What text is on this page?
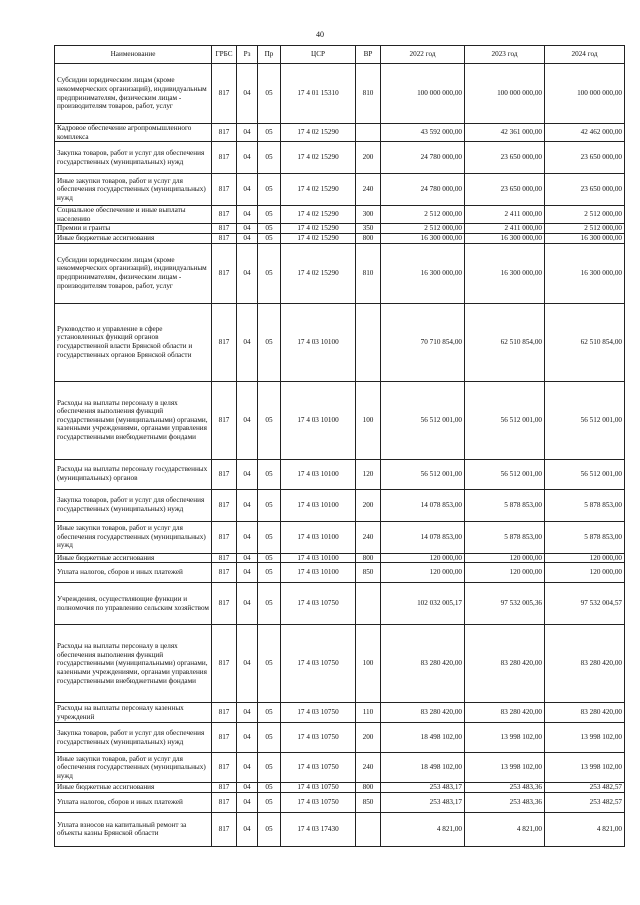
40
Наименование	ГРБС	Рз	Пр	ЦСР	ВР	2022 год	2023 год	2024 год
Субсидии юридическим лицам (кроме некоммерческих организаций), индивидуальным предпринимателям, физическим лицам - производителям товаров, работ, услуг	817	04	05	17 4 01 15310	810	100 000 000,00	100 000 000,00	100 000 000,00
Кадровое обеспечение агропромышленного комплекса	817	04	05	17 4 02 15290		43 592 000,00	42 361 000,00	42 462 000,00
Закупка товаров, работ и услуг для обеспечения государственных (муниципальных) нужд	817	04	05	17 4 02 15290	200	24 780 000,00	23 650 000,00	23 650 000,00
Иные закупки товаров, работ и услуг для обеспечения государственных (муниципальных) нужд	817	04	05	17 4 02 15290	240	24 780 000,00	23 650 000,00	23 650 000,00
Социальное обеспечение и иные выплаты населению	817	04	05	17 4 02 15290	300	2 512 000,00	2 411 000,00	2 512 000,00
Премии и гранты	817	04	05	17 4 02 15290	350	2 512 000,00	2 411 000,00	2 512 000,00
Иные бюджетные ассигнования	817	04	05	17 4 02 15290	800	16 300 000,00	16 300 000,00	16 300 000,00
Субсидии юридическим лицам (кроме некоммерческих организаций), индивидуальным предпринимателям, физическим лицам - производителям товаров, работ, услуг	817	04	05	17 4 02 15290	810	16 300 000,00	16 300 000,00	16 300 000,00
Руководство и управление в сфере установленных функций органов государственной власти Брянской области и государственных органов Брянской области	817	04	05	17 4 03 10100		70 710 854,00	62 510 854,00	62 510 854,00
Расходы на выплаты персоналу в целях обеспечения выполнения функций государственными (муниципальными) органами, казенными учреждениями, органами управления государственными внебюджетными фондами	817	04	05	17 4 03 10100	100	56 512 001,00	56 512 001,00	56 512 001,00
Расходы на выплаты персоналу государственных (муниципальных) органов	817	04	05	17 4 03 10100	120	56 512 001,00	56 512 001,00	56 512 001,00
Закупка товаров, работ и услуг для обеспечения государственных (муниципальных) нужд	817	04	05	17 4 03 10100	200	14 078 853,00	5 878 853,00	5 878 853,00
Иные закупки товаров, работ и услуг для обеспечения государственных (муниципальных) нужд	817	04	05	17 4 03 10100	240	14 078 853,00	5 878 853,00	5 878 853,00
Иные бюджетные ассигнования	817	04	05	17 4 03 10100	800	120 000,00	120 000,00	120 000,00
Уплата налогов, сборов и иных платежей	817	04	05	17 4 03 10100	850	120 000,00	120 000,00	120 000,00
Учреждения, осуществляющие функции и полномочия по управлению сельским хозяйством	817	04	05	17 4 03 10750		102 032 005,17	97 532 005,36	97 532 004,57
Расходы на выплаты персоналу в целях обеспечения выполнения функций государственными (муниципальными) органами, казенными учреждениями, органами управления государственными внебюджетными фондами	817	04	05	17 4 03 10750	100	83 280 420,00	83 280 420,00	83 280 420,00
Расходы на выплаты персоналу казенных учреждений	817	04	05	17 4 03 10750	110	83 280 420,00	83 280 420,00	83 280 420,00
Закупка товаров, работ и услуг для обеспечения государственных (муниципальных) нужд	817	04	05	17 4 03 10750	200	18 498 102,00	13 998 102,00	13 998 102,00
Иные закупки товаров, работ и услуг для обеспечения государственных (муниципальных) нужд	817	04	05	17 4 03 10750	240	18 498 102,00	13 998 102,00	13 998 102,00
Иные бюджетные ассигнования	817	04	05	17 4 03 10750	800	253 483,17	253 483,36	253 482,57
Уплата налогов, сборов и иных платежей	817	04	05	17 4 03 10750	850	253 483,17	253 483,36	253 482,57
Уплата взносов на капитальный ремонт за объекты казны Брянской области	817	04	05	17 4 03 17430		4 821,00	4 821,00	4 821,00
